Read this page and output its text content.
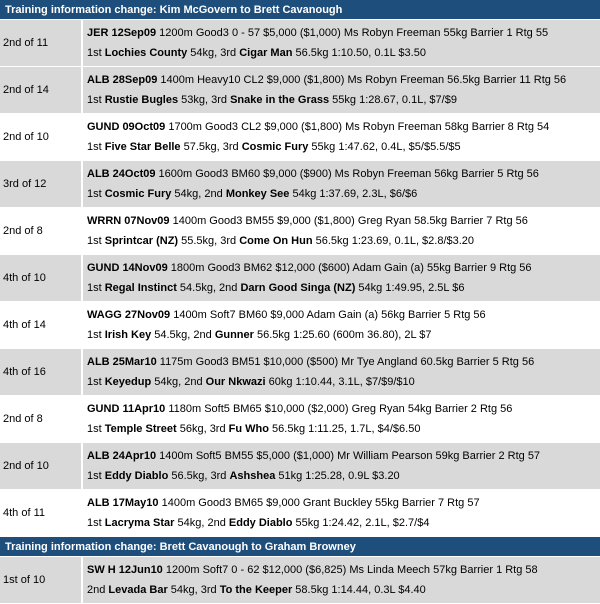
Training information change: Kim McGovern to Brett Cavanough
2nd of 11
JER 12Sep09 1200m Good3 0 - 57 $5,000 ($1,000) Ms Robyn Freeman 55kg Barrier 1 Rtg 55
1st Lochies County 54kg, 3rd Cigar Man 56.5kg 1:10.50, 0.1L $3.50
2nd of 14
ALB 28Sep09 1400m Heavy10 CL2 $9,000 ($1,800) Ms Robyn Freeman 56.5kg Barrier 11 Rtg 56
1st Rustie Bugles 53kg, 3rd Snake in the Grass 55kg 1:28.67, 0.1L, $7/$9
2nd of 10
GUND 09Oct09 1700m Good3 CL2 $9,000 ($1,800) Ms Robyn Freeman 58kg Barrier 8 Rtg 54
1st Five Star Belle 57.5kg, 3rd Cosmic Fury 55kg 1:47.62, 0.4L, $5/$5.5/$5
3rd of 12
ALB 24Oct09 1600m Good3 BM60 $9,000 ($900) Ms Robyn Freeman 56kg Barrier 5 Rtg 56
1st Cosmic Fury 54kg, 2nd Monkey See 54kg 1:37.69, 2.3L, $6/$6
2nd of 8
WRRN 07Nov09 1400m Good3 BM55 $9,000 ($1,800) Greg Ryan 58.5kg Barrier 7 Rtg 56
1st Sprintcar (NZ) 55.5kg, 3rd Come On Hun 56.5kg 1:23.69, 0.1L, $2.8/$3.20
4th of 10
GUND 14Nov09 1800m Good3 BM62 $12,000 ($600) Adam Gain (a) 55kg Barrier 9 Rtg 56
1st Regal Instinct 54.5kg, 2nd Darn Good Singa (NZ) 54kg 1:49.95, 2.5L $6
4th of 14
WAGG 27Nov09 1400m Soft7 BM60 $9,000 Adam Gain (a) 56kg Barrier 5 Rtg 56
1st Irish Key 54.5kg, 2nd Gunner 56.5kg 1:25.60 (600m 36.80), 2L $7
4th of 16
ALB 25Mar10 1175m Good3 BM51 $10,000 ($500) Mr Tye Angland 60.5kg Barrier 5 Rtg 56
1st Keyedup 54kg, 2nd Our Nkwazi 60kg 1:10.44, 3.1L, $7/$9/$10
2nd of 8
GUND 11Apr10 1180m Soft5 BM65 $10,000 ($2,000) Greg Ryan 54kg Barrier 2 Rtg 56
1st Temple Street 56kg, 3rd Fu Who 56.5kg 1:11.25, 1.7L, $4/$6.50
2nd of 10
ALB 24Apr10 1400m Soft5 BM55 $5,000 ($1,000) Mr William Pearson 59kg Barrier 2 Rtg 57
1st Eddy Diablo 56.5kg, 3rd Ashshea 51kg 1:25.28, 0.9L $3.20
4th of 11
ALB 17May10 1400m Good3 BM65 $9,000 Grant Buckley 55kg Barrier 7 Rtg 57
1st Lacryma Star 54kg, 2nd Eddy Diablo 55kg 1:24.42, 2.1L, $2.7/$4
Training information change: Brett Cavanough to Graham Browney
1st of 10
SW H 12Jun10 1200m Soft7 0 - 62 $12,000 ($6,825) Ms Linda Meech 57kg Barrier 1 Rtg 58
2nd Levada Bar 54kg, 3rd To the Keeper 58.5kg 1:14.44, 0.3L $4.40
